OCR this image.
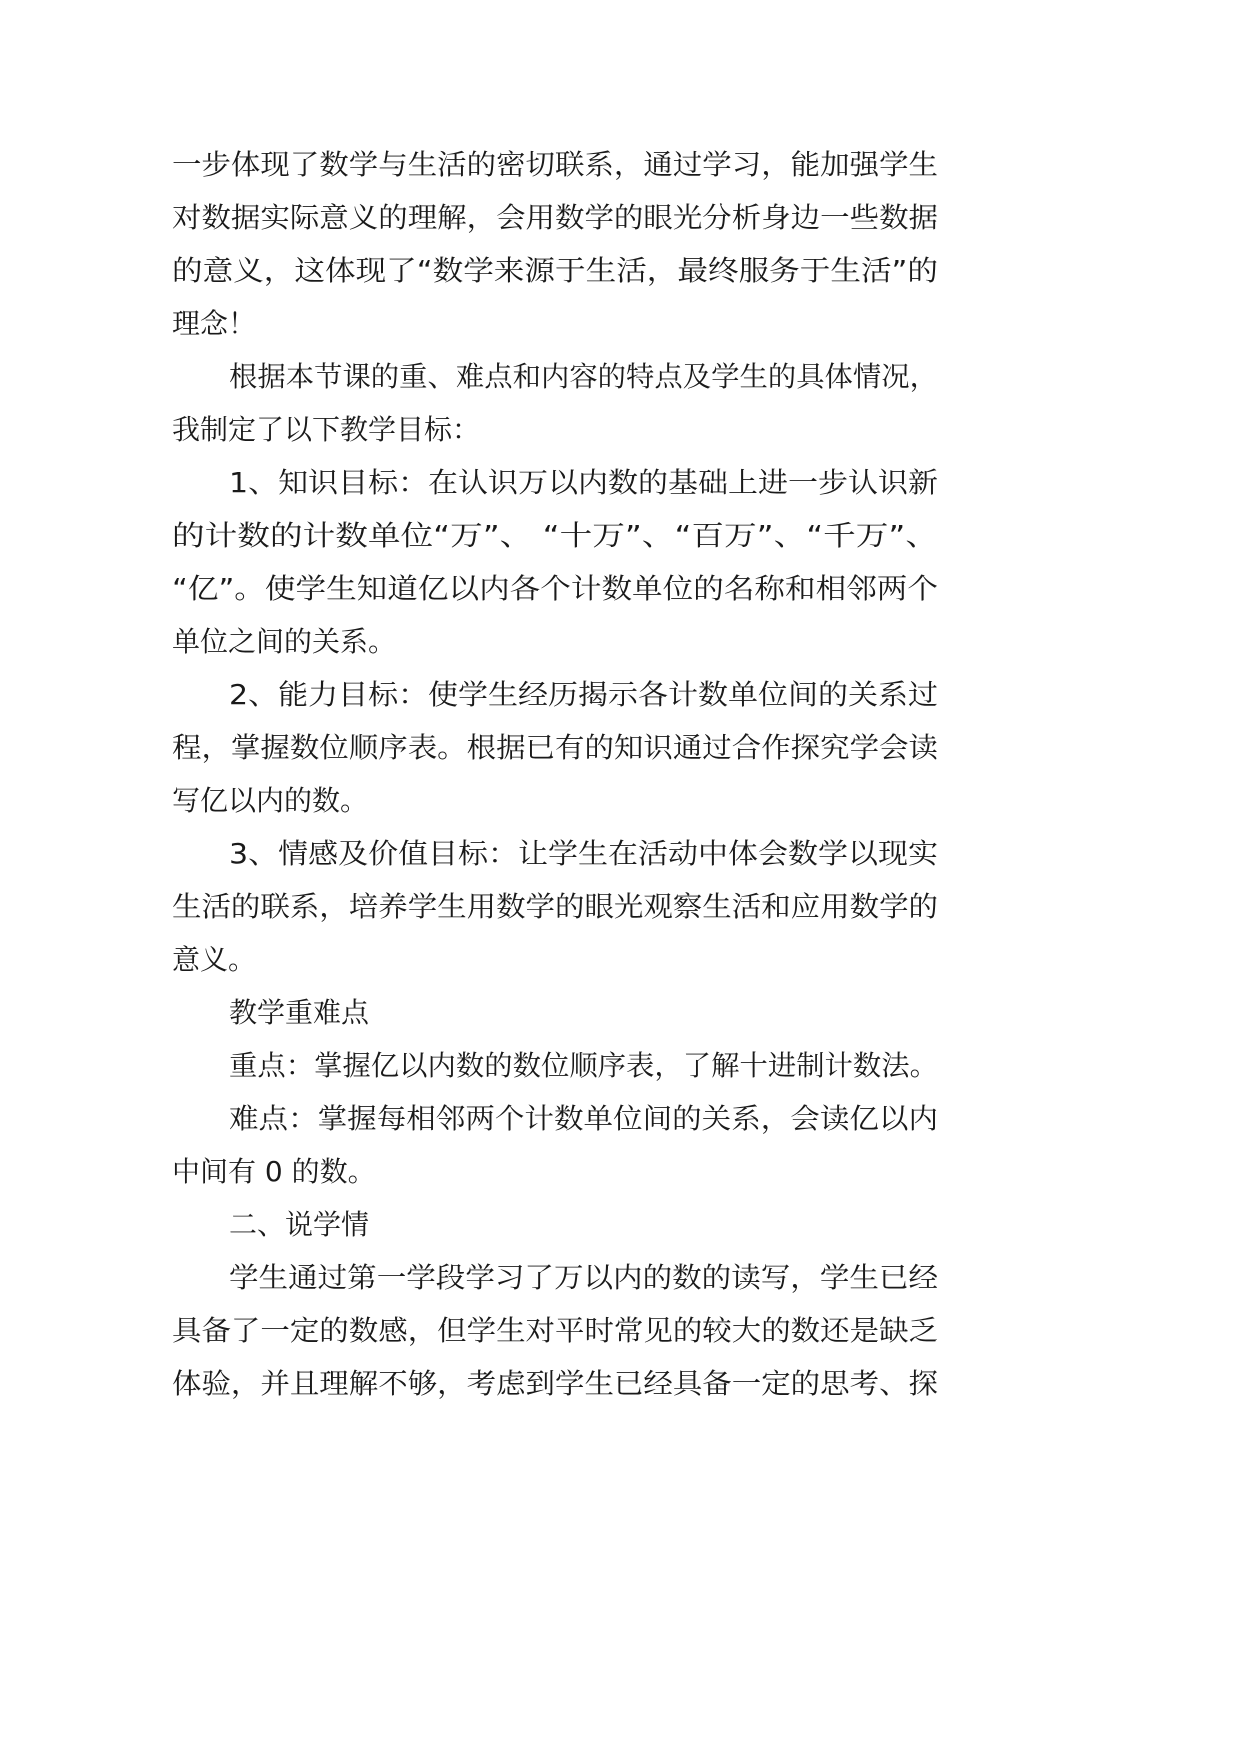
一步体现了数学与生活的密切联系，通过学习，能加强学生
对数据实际意义的理解，会用数学的眼光分析身边一些数据
的意义，这体现了“数学来源于生活，最终服务于生活”的
理念！
根据本节课的重、难点和内容的特点及学生的具体情况，
我制定了以下教学目标：
1、知识目标：在认识万以内数的基础上进一步认识新
的计数的计数单位“万”、 “十万”、“百万”、“千万”、
“亿”。使学生知道亿以内各个计数单位的名称和相邻两个
单位之间的关系。
2、能力目标：使学生经历揭示各计数单位间的关系过
程，掌握数位顺序表。根据已有的知识通过合作探究学会读
写亿以内的数。
3、情感及价值目标：让学生在活动中体会数学以现实
生活的联系，培养学生用数学的眼光观察生活和应用数学的
意义。
教学重难点
重点：掌握亿以内数的数位顺序表，了解十进制计数法。
难点：掌握每相邻两个计数单位间的关系，会读亿以内
中间有 0 的数。
二、说学情
学生通过第一学段学习了万以内的数的读写，学生已经
具备了一定的数感，但学生对平时常见的较大的数还是缺乏
体验，并且理解不够，考虑到学生已经具备一定的思考、探
